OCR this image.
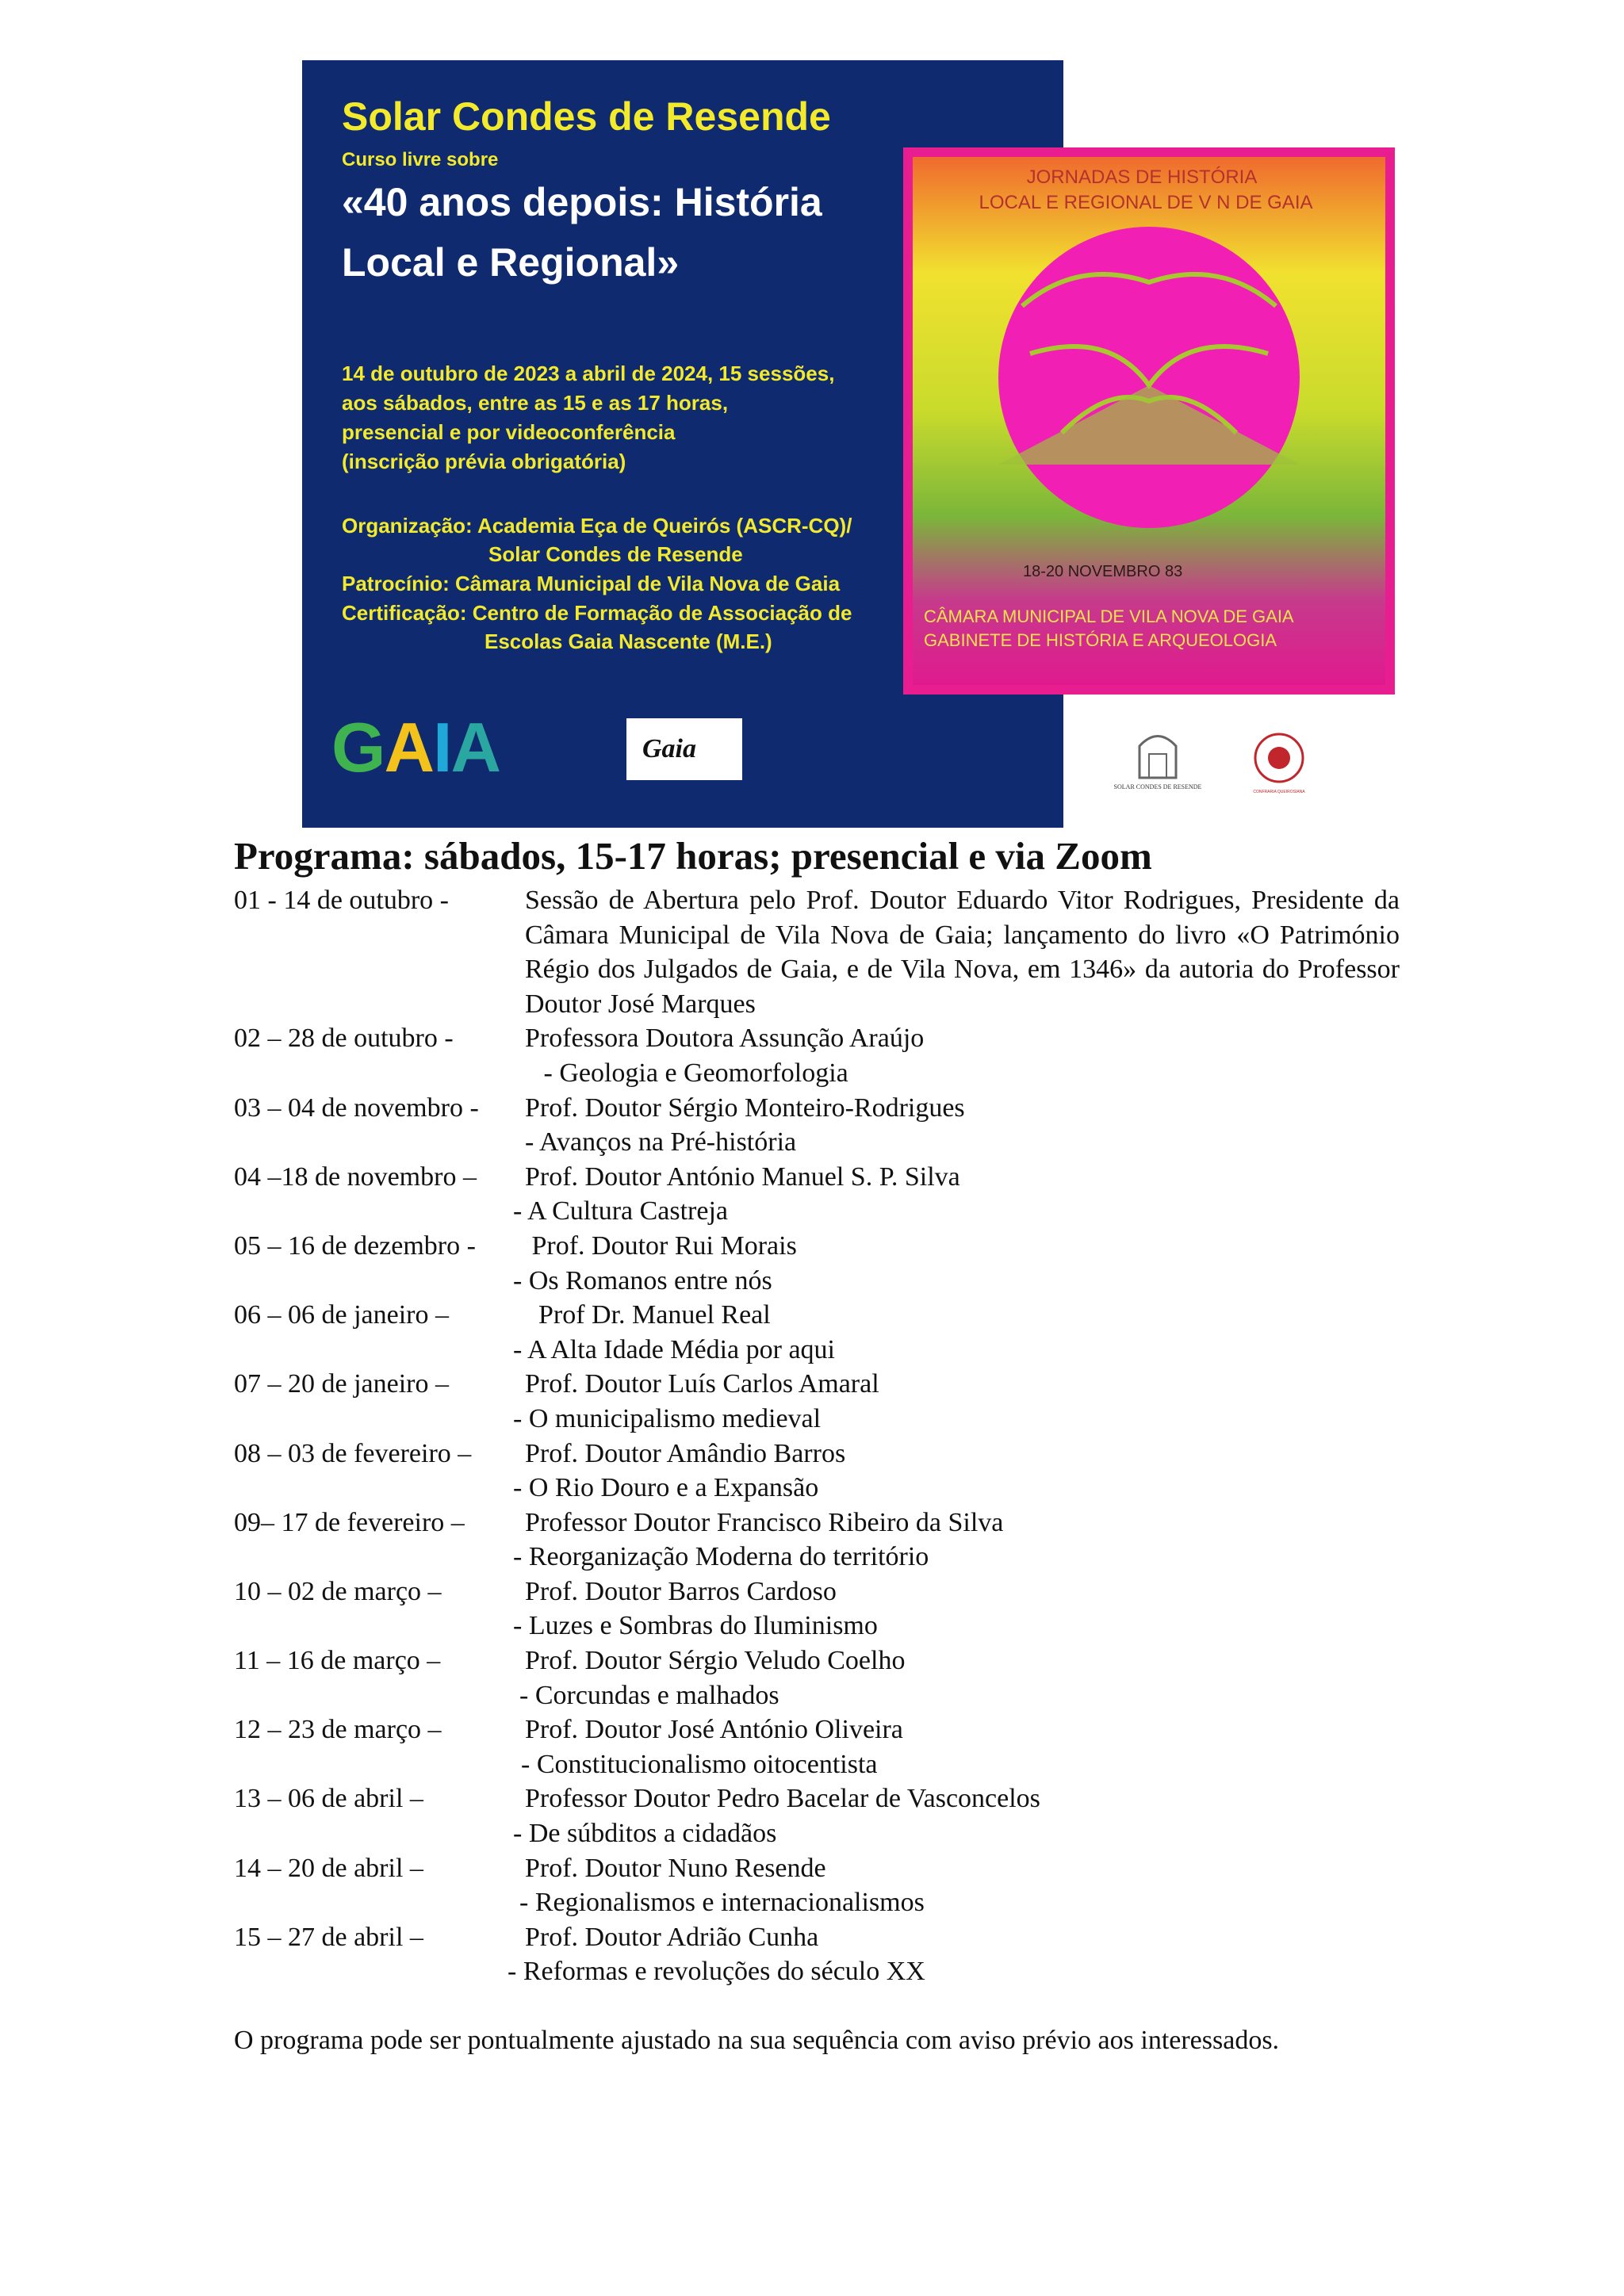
Solar Condes de Resende
Curso livre sobre
«40 anos depois: História
Local e Regional»
14 de outubro de 2023 a abril de 2024, 15 sessões,
aos sábados, entre as 15 e as 17 horas,
presencial e por videoconferência
(inscrição prévia obrigatória)
Organização: Academia Eça de Queirós (ASCR-CQ)/
Solar Condes de Resende
Patrocínio: Câmara Municipal de Vila Nova de Gaia
Certificação: Centro de Formação de Associação de
Escolas Gaia Nascente (M.E.)
JORNADAS DE HISTÓRIA
LOCAL E REGIONAL DE V N DE GAIA
18-20 NOVEMBRO 83
CÂMARA MUNICIPAL DE VILA NOVA DE GAIA
GABINETE DE HISTÓRIA E ARQUEOLOGIA
GAIA	Gaia
SOLAR CONDES DE RESENDE
CONFRARIA QUEIROSIANA
Programa: sábados, 15-17 horas; presencial e via Zoom
01 - 14 de outubro -	Sessão de Abertura pelo Prof. Doutor Eduardo Vitor Rodrigues, Presidente da Câmara Municipal de Vila Nova de Gaia; lançamento do livro «O Património Régio dos Julgados de Gaia, e de Vila Nova, em 1346» da autoria do Professor Doutor José Marques
02 – 28 de outubro -	Professora Doutora Assunção Araújo
- Geologia e Geomorfologia
03 – 04 de novembro - Prof. Doutor Sérgio Monteiro-Rodrigues
- Avanços na Pré-história
04 –18 de novembro – Prof. Doutor António Manuel S. P. Silva
- A Cultura Castreja
05 – 16 de dezembro - Prof. Doutor Rui Morais
- Os Romanos entre nós
06 – 06 de janeiro –	Prof Dr. Manuel Real
- A Alta Idade Média por aqui
07 – 20 de janeiro –	Prof. Doutor Luís Carlos Amaral
- O municipalismo medieval
08 – 03 de fevereiro – Prof. Doutor Amândio Barros
- O Rio Douro e a Expansão
09– 17 de fevereiro – Professor Doutor Francisco Ribeiro da Silva
- Reorganização Moderna do território
10 – 02 de março –	Prof. Doutor Barros Cardoso
- Luzes e Sombras do Iluminismo
11 – 16 de março –	Prof. Doutor Sérgio Veludo Coelho
- Corcundas e malhados
12 – 23 de março –	Prof. Doutor José António Oliveira
- Constitucionalismo oitocentista
13 – 06 de abril –	Professor Doutor Pedro Bacelar de Vasconcelos
- De súbditos a cidadãos
14 – 20 de abril –	Prof. Doutor Nuno Resende
- Regionalismos e internacionalismos
15 – 27 de abril –	Prof. Doutor Adrião Cunha
- Reformas e revoluções do século XX
O programa pode ser pontualmente ajustado na sua sequência com aviso prévio aos interessados.
